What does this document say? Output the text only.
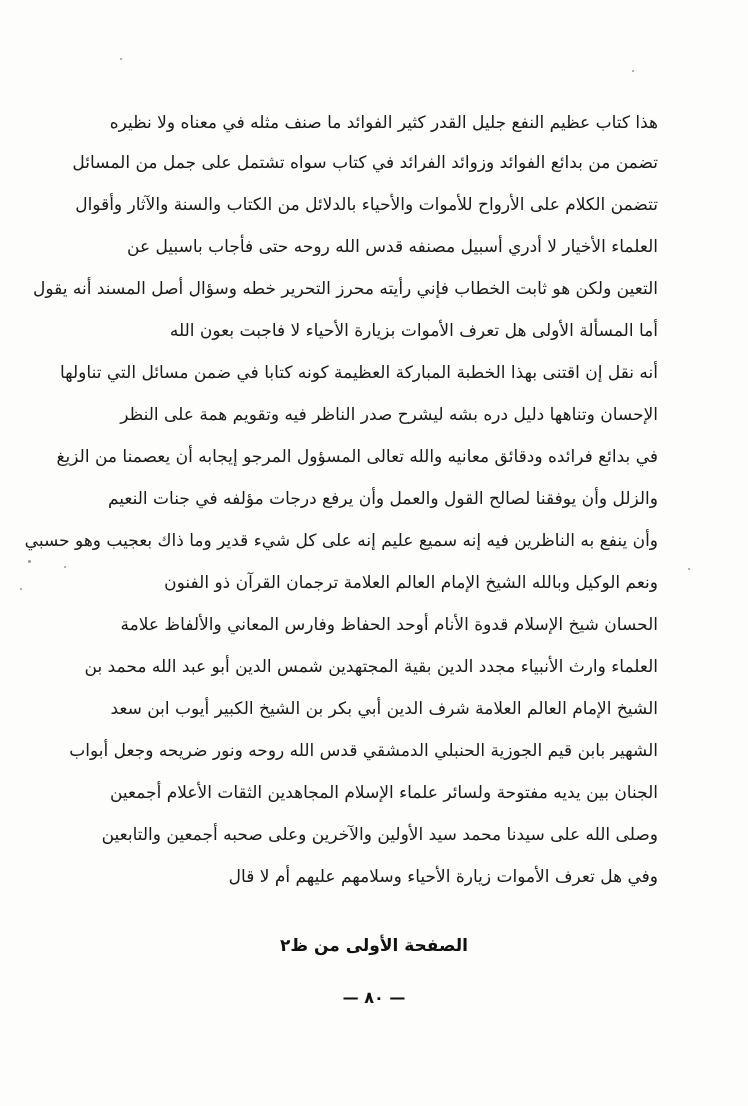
هذا كتاب عظيم النفع جليل القدر كثير الفوائد ما صنف مثله في معناه ولا نظيره
تضمن من بدائع الفوائد وزوائد الفرائد في كتاب سواه تشتمل على جمل من المسائل
تتضمن الكلام على الأرواح للأموات والأحياء بالدلائل من الكتاب والسنة والآثار وأقوال
العلماء الأخيار لا أدري أسبيل مصنفه قدس الله روحه حتى فأجاب باسبيل عن
التعين ولكن هو ثابت الخطاب فإني رأيته محرز التحرير خطه وسؤال أصل المسند أنه يقول
أما المسألة الأولى هل تعرف الأموات بزيارة الأحياء لا فاجبت بعون الله
أنه نقل إن اقتنى بهذا الخطبة المباركة العظيمة كونه كتابا في ضمن مسائل التي تناولها
الإحسان وتناهها دليل دره بشه ليشرح صدر الناظر فيه وتقويم همة على النظر
في بدائع فرائده ودقائق معانيه والله تعالى المسؤول المرجو إيجابه أن يعصمنا من الزيغ
والزلل وأن يوفقنا لصالح القول والعمل وأن يرفع درجات مؤلفه في جنات النعيم
وأن ينفع به الناظرين فيه إنه سميع عليم إنه على كل شيء قدير وما ذاك بعجيب وهو حسبي
ونعم الوكيل وبالله الشيخ الإمام العالم العلامة ترجمان القرآن ذو الفنون
الحسان شيخ الإسلام قدوة الأنام أوحد الحفاظ وفارس المعاني والألفاظ علامة
العلماء وارث الأنبياء مجدد الدين بقية المجتهدين شمس الدين أبو عبد الله محمد بن
الشيخ الإمام العالم العلامة شرف الدين أبي بكر بن الشيخ الكبير أيوب ابن سعد
الشهير بابن قيم الجوزية الحنبلي الدمشقي قدس الله روحه ونور ضريحه وجعل أبواب
الجنان بين يديه مفتوحة ولسائر علماء الإسلام المجاهدين الثقات الأعلام أجمعين
وصلى الله على سيدنا محمد سيد الأولين والآخرين وعلى صحبه أجمعين والتابعين
وفي هل تعرف الأموات زيارة الأحياء وسلامهم عليهم أم لا قال
الصفحة الأولى من ظ٢
— ٨٠ —
